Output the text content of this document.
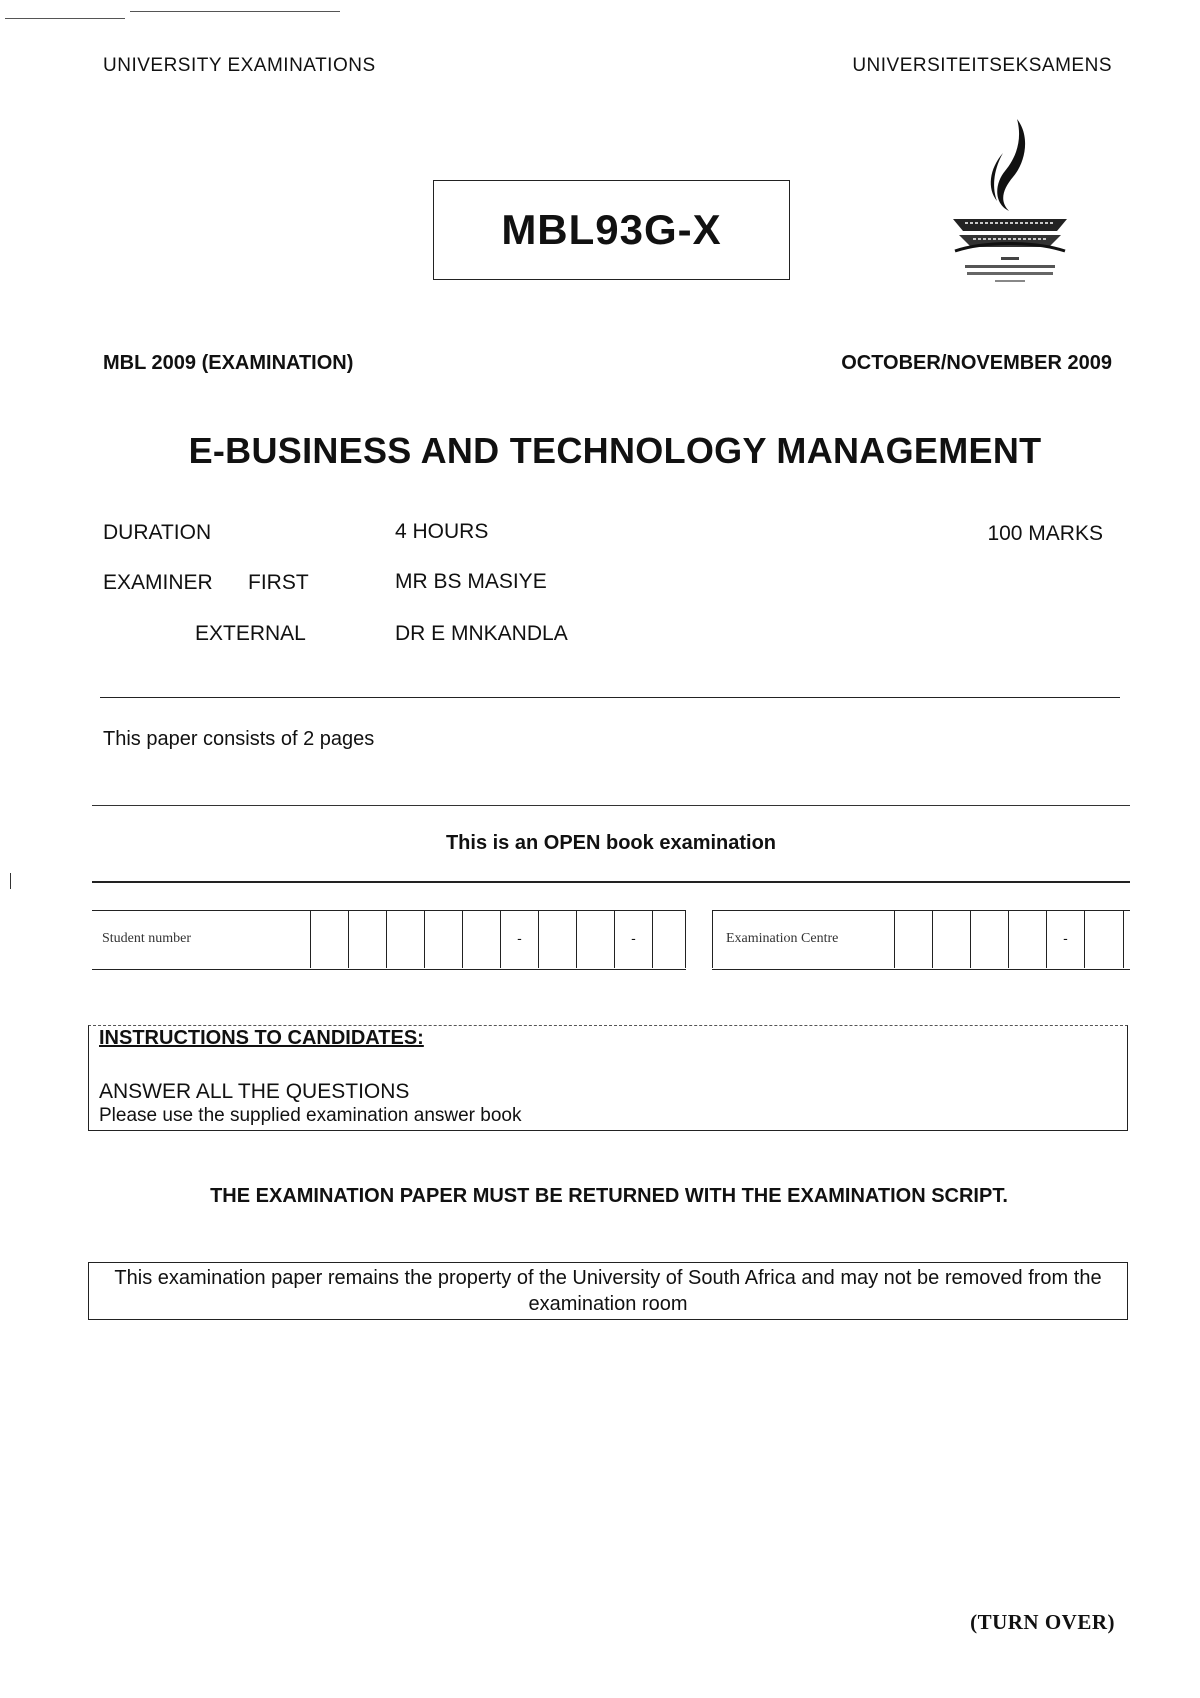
UNIVERSITY EXAMINATIONS	UNIVERSITEITSEKSAMENS
MBL93G-X
MBL 2009 (EXAMINATION)	OCTOBER/NOVEMBER 2009
E-BUSINESS AND TECHNOLOGY MANAGEMENT
DURATION	4 HOURS	100 MARKS
EXAMINER FIRST	MR BS MASIYE
EXTERNAL	DR E MNKANDLA
This paper consists of 2 pages
This is an OPEN book examination
Student number	-	-	Examination Centre	-
INSTRUCTIONS TO CANDIDATES:
ANSWER ALL THE QUESTIONS
Please use the supplied examination answer book
THE EXAMINATION PAPER MUST BE RETURNED WITH THE EXAMINATION SCRIPT.
This examination paper remains the property of the University of South Africa and may not be removed from the examination room
(TURN OVER)
